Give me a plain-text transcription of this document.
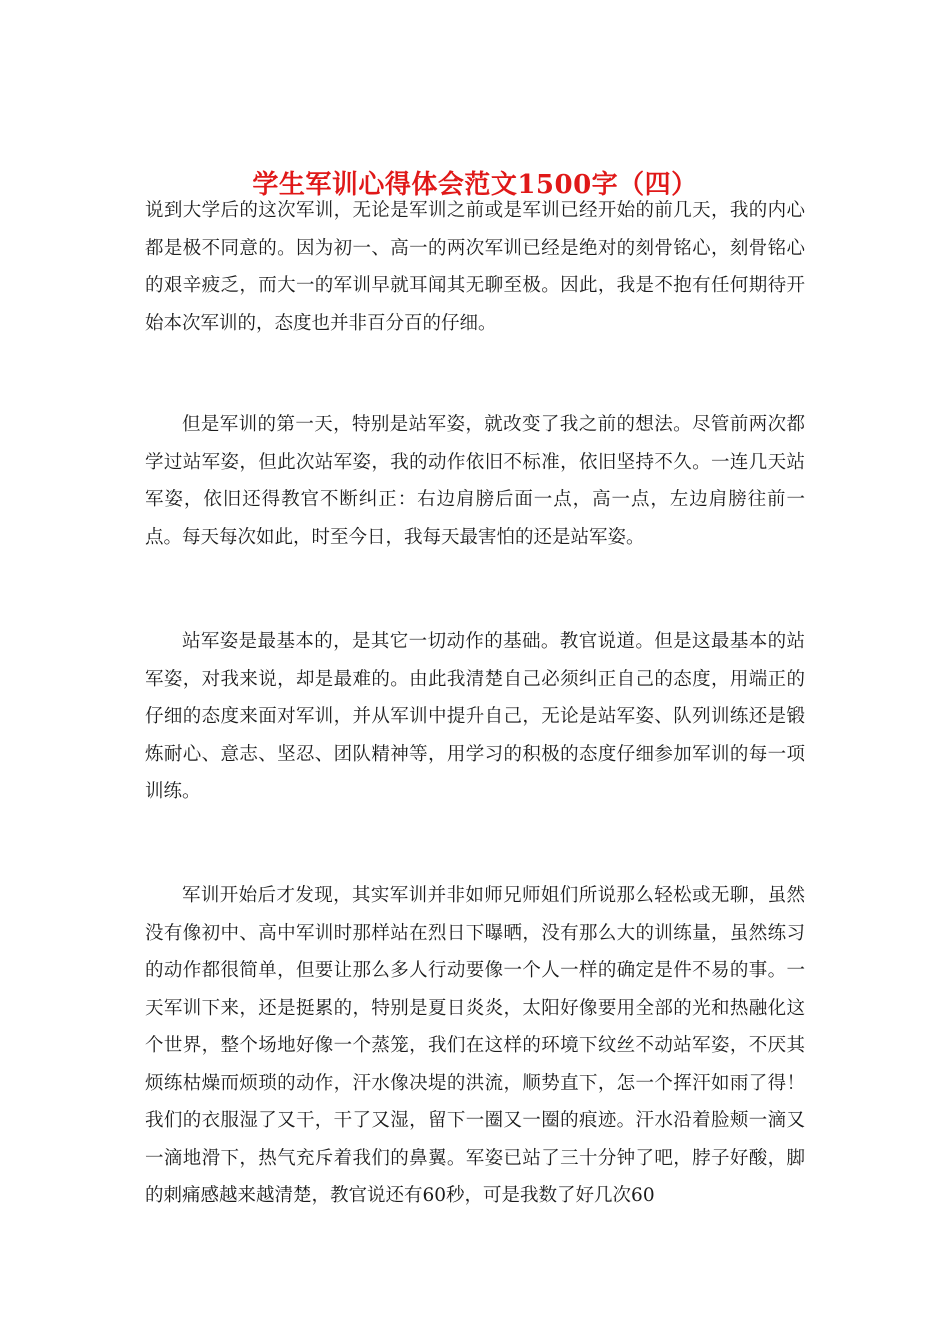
学生军训心得体会范文1500字（四）

说到大学后的这次军训，无论是军训之前或是军训已经开始的前几天，我的内心都是极不同意的。因为初一、高一的两次军训已经是绝对的刻骨铭心，刻骨铭心的艰辛疲乏，而大一的军训早就耳闻其无聊至极。因此，我是不抱有任何期待开始本次军训的，态度也并非百分百的仔细。

但是军训的第一天，特别是站军姿，就改变了我之前的想法。尽管前两次都学过站军姿，但此次站军姿，我的动作依旧不标准，依旧坚持不久。一连几天站军姿，依旧还得教官不断纠正：右边肩膀后面一点，高一点，左边肩膀往前一点。每天每次如此，时至今日，我每天最害怕的还是站军姿。

站军姿是最基本的，是其它一切动作的基础。教官说道。但是这最基本的站军姿，对我来说，却是最难的。由此我清楚自己必须纠正自己的态度，用端正的仔细的态度来面对军训，并从军训中提升自己，无论是站军姿、队列训练还是锻炼耐心、意志、坚忍、团队精神等，用学习的积极的态度仔细参加军训的每一项训练。

军训开始后才发现，其实军训并非如师兄师姐们所说那么轻松或无聊，虽然没有像初中、高中军训时那样站在烈日下曝晒，没有那么大的训练量，虽然练习的动作都很简单，但要让那么多人行动要像一个人一样的确定是件不易的事。一天军训下来，还是挺累的，特别是夏日炎炎，太阳好像要用全部的光和热融化这个世界，整个场地好像一个蒸笼，我们在这样的环境下纹丝不动站军姿，不厌其烦练枯燥而烦琐的动作，汗水像决堤的洪流，顺势直下，怎一个挥汗如雨了得！我们的衣服湿了又干，干了又湿，留下一圈又一圈的痕迹。汗水沿着脸颊一滴又一滴地滑下，热气充斥着我们的鼻翼。军姿已站了三十分钟了吧，脖子好酸，脚的刺痛感越来越清楚，教官说还有60秒，可是我数了好几次60
